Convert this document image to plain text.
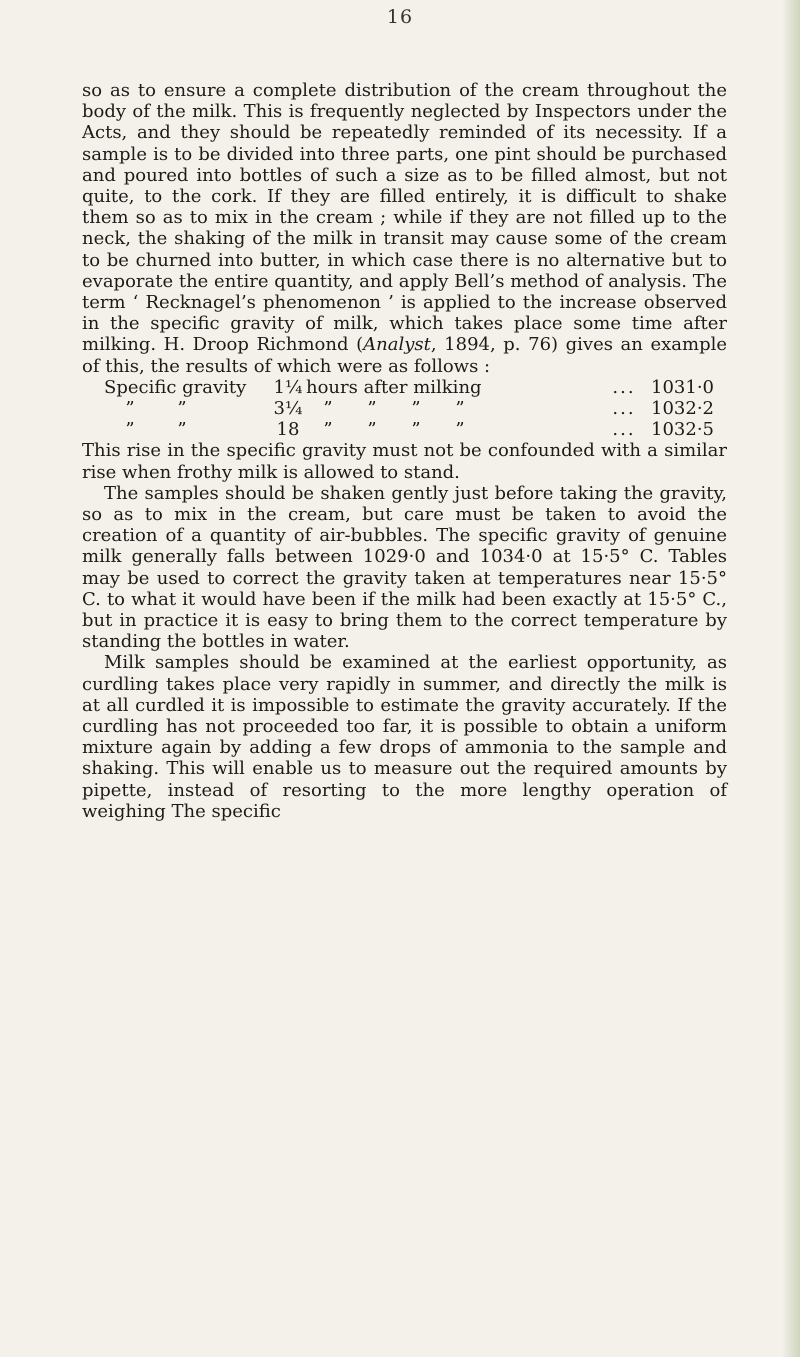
16

so as to ensure a complete distribution of the cream throughout the body of the milk. This is frequently neglected by Inspectors under the Acts, and they should be repeatedly reminded of its necessity. If a sample is to be divided into three parts, one pint should be purchased and poured into bottles of such a size as to be filled almost, but not quite, to the cork. If they are filled entirely, it is difficult to shake them so as to mix in the cream ; while if they are not filled up to the neck, the shaking of the milk in transit may cause some of the cream to be churned into butter, in which case there is no alternative but to evaporate the entire quantity, and apply Bell’s method of analysis. The term ‘ Recknagel’s phenomenon ’ is applied to the increase observed in the specific gravity of milk, which takes place some time after milking. H. Droop Richmond (Analyst, 1894, p. 76) gives an example of this, the results of which were as follows :

Specific gravity	1¼ hours after milking	... 1031·0
” ”	3¼	” ” ” ”	... 1032·2
” ”	18	” ” ” ”	... 1032·5

This rise in the specific gravity must not be confounded with a similar rise when frothy milk is allowed to stand.

The samples should be shaken gently just before taking the gravity, so as to mix in the cream, but care must be taken to avoid the creation of a quantity of air-bubbles. The specific gravity of genuine milk generally falls between 1029·0 and 1034·0 at 15·5° C. Tables may be used to correct the gravity taken at temperatures near 15·5° C. to what it would have been if the milk had been exactly at 15·5° C., but in practice it is easy to bring them to the correct temperature by standing the bottles in water.

Milk samples should be examined at the earliest opportunity, as curdling takes place very rapidly in summer, and directly the milk is at all curdled it is impossible to estimate the gravity accurately. If the curdling has not proceeded too far, it is possible to obtain a uniform mixture again by adding a few drops of ammonia to the sample and shaking. This will enable us to measure out the required amounts by pipette, instead of resorting to the more lengthy operation of weighing The specific
